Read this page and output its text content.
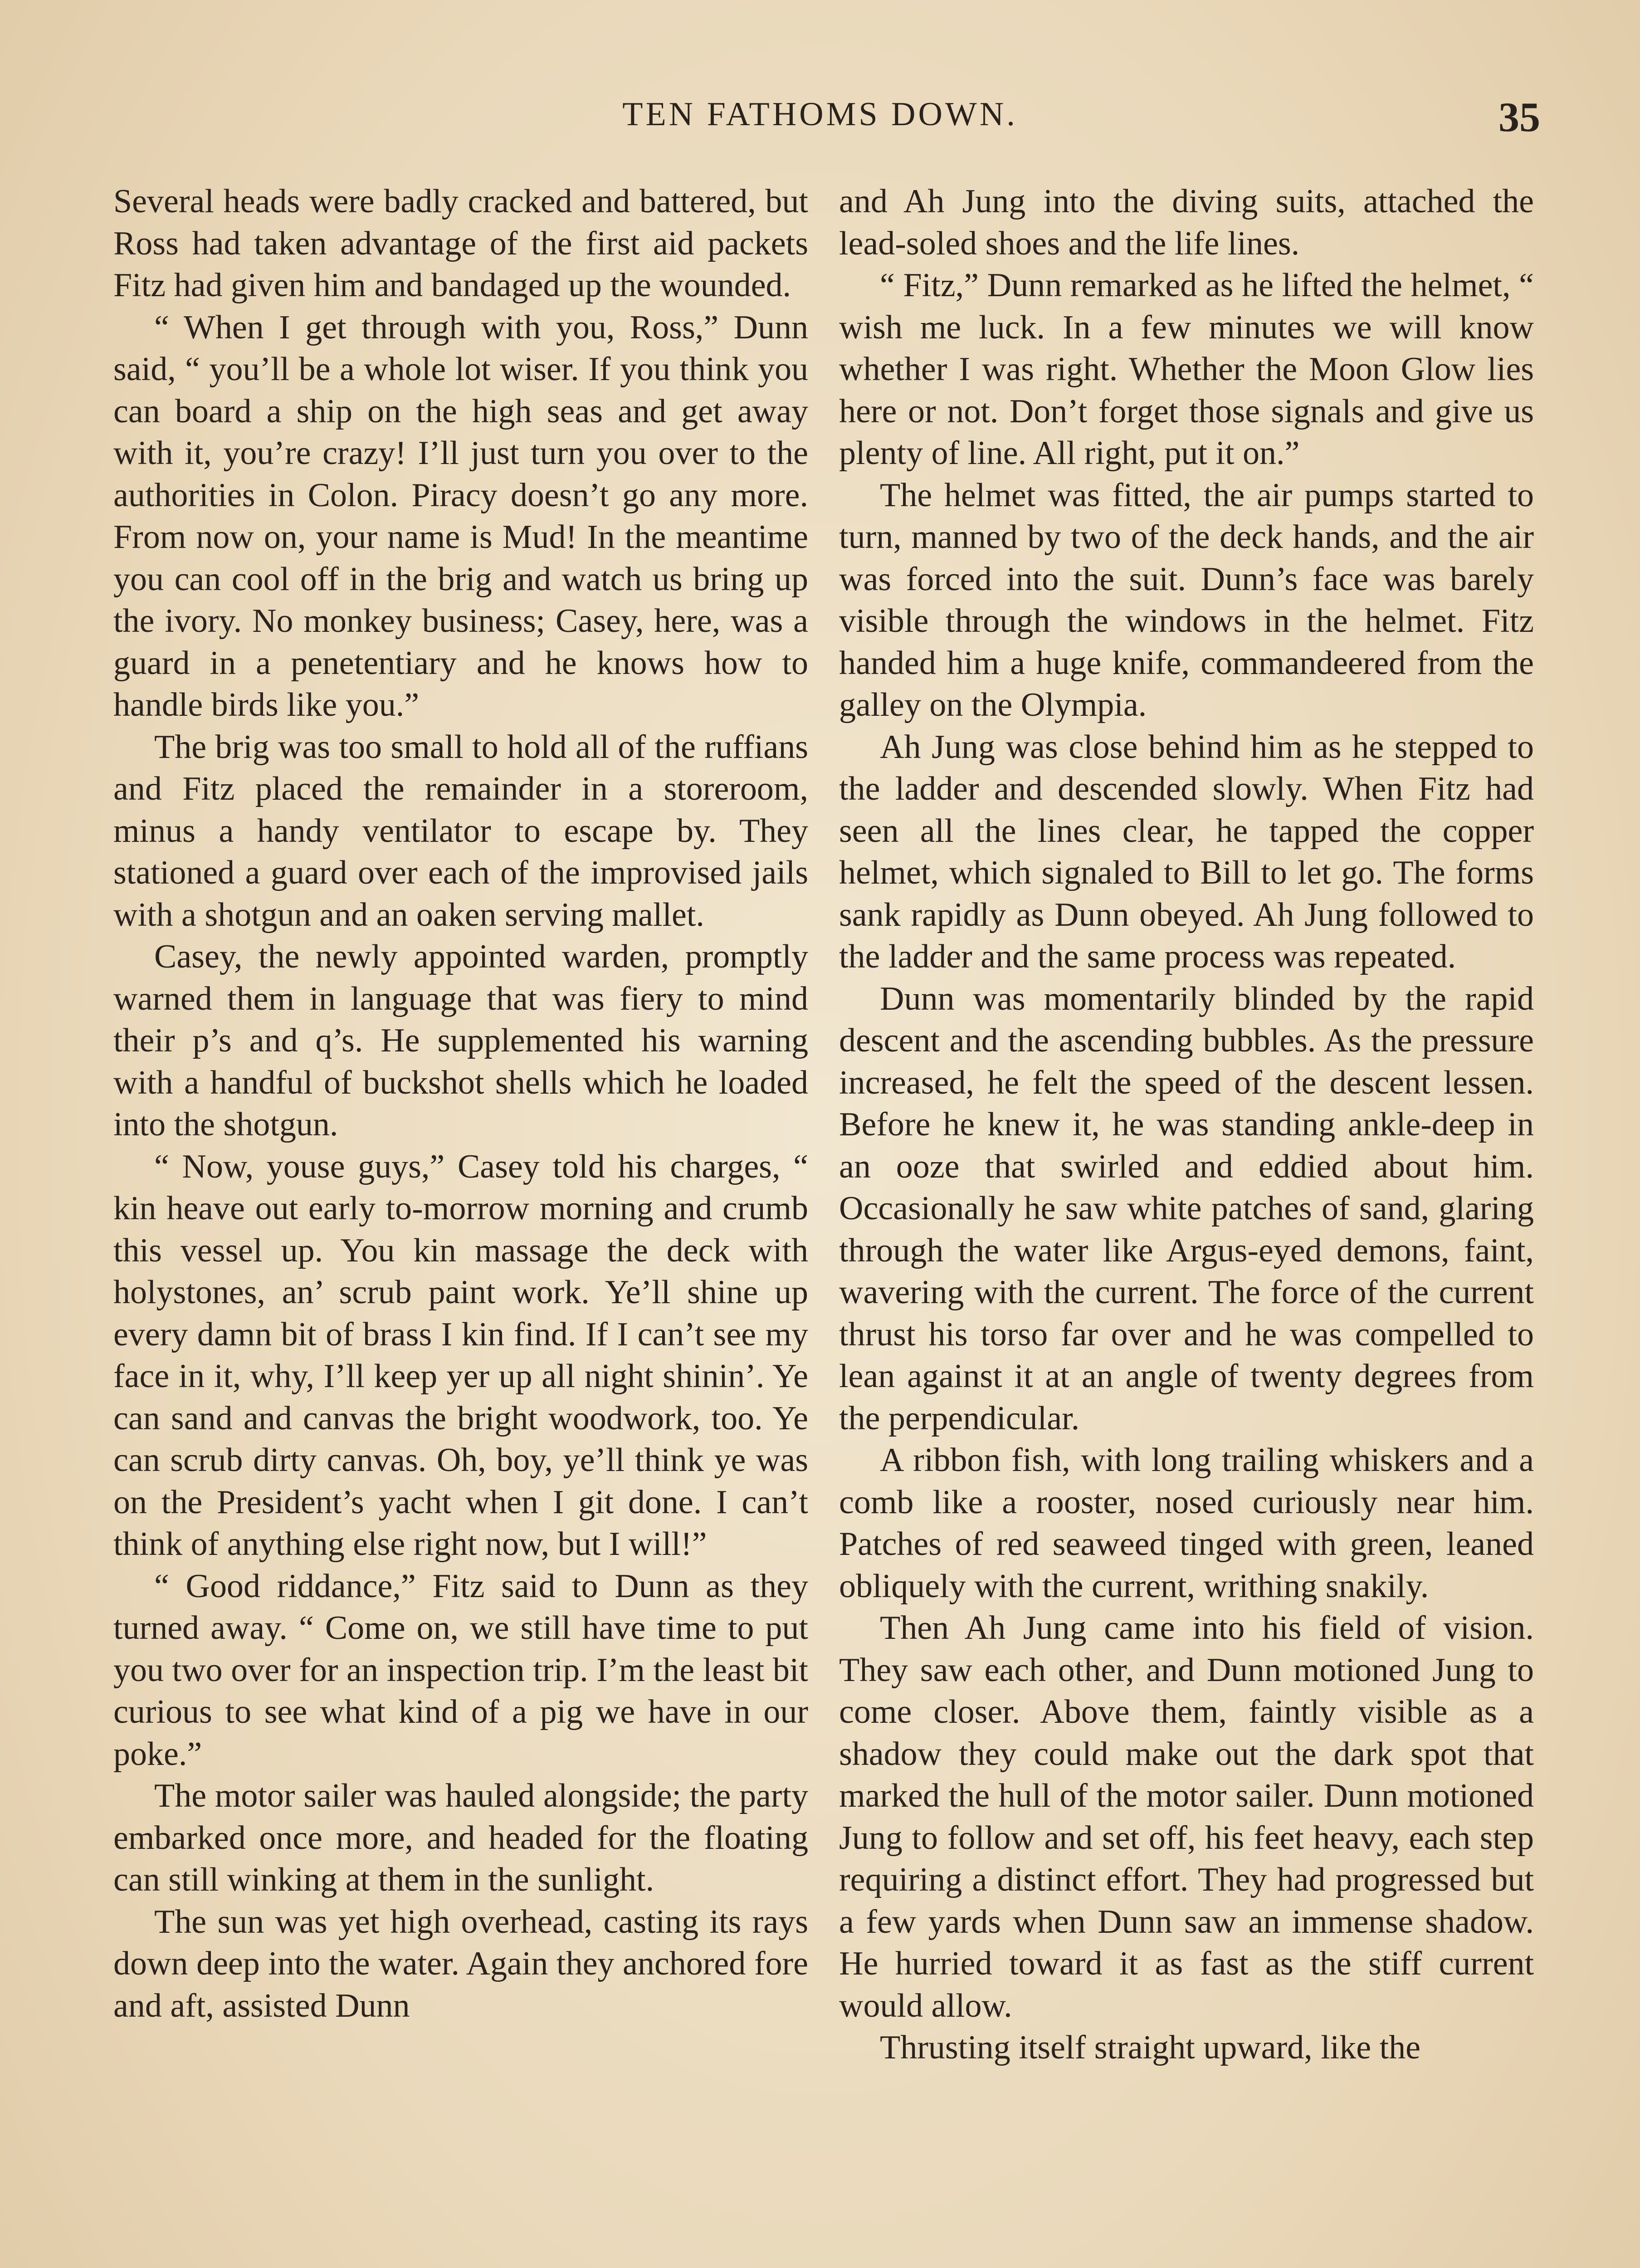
TEN FATHOMS DOWN.	35

Several heads were badly cracked and battered, but Ross had taken advantage of the first aid packets Fitz had given him and bandaged up the wounded.

“ When I get through with you, Ross,” Dunn said, “ you’ll be a whole lot wiser. If you think you can board a ship on the high seas and get away with it, you’re crazy! I’ll just turn you over to the authorities in Colon. Piracy doesn’t go any more. From now on, your name is Mud! In the meantime you can cool off in the brig and watch us bring up the ivory. No monkey business; Casey, here, was a guard in a penetentiary and he knows how to handle birds like you.”

The brig was too small to hold all of the ruffians and Fitz placed the remainder in a storeroom, minus a handy ventilator to escape by. They stationed a guard over each of the improvised jails with a shotgun and an oaken serving mallet.

Casey, the newly appointed warden, promptly warned them in language that was fiery to mind their p’s and q’s. He supplemented his warning with a handful of buckshot shells which he loaded into the shotgun.

“ Now, youse guys,” Casey told his charges, “ kin heave out early to-morrow morning and crumb this vessel up. You kin massage the deck with holystones, an’ scrub paint work. Ye’ll shine up every damn bit of brass I kin find. If I can’t see my face in it, why, I’ll keep yer up all night shinin’. Ye can sand and canvas the bright woodwork, too. Ye can scrub dirty canvas. Oh, boy, ye’ll think ye was on the President’s yacht when I git done. I can’t think of anything else right now, but I will!”

“ Good riddance,” Fitz said to Dunn as they turned away. “ Come on, we still have time to put you two over for an inspection trip. I’m the least bit curious to see what kind of a pig we have in our poke.”

The motor sailer was hauled alongside; the party embarked once more, and headed for the floating can still winking at them in the sunlight.

The sun was yet high overhead, casting its rays down deep into the water. Again they anchored fore and aft, assisted Dunn

and Ah Jung into the diving suits, attached the lead-soled shoes and the life lines.

“ Fitz,” Dunn remarked as he lifted the helmet, “ wish me luck. In a few minutes we will know whether I was right. Whether the Moon Glow lies here or not. Don’t forget those signals and give us plenty of line. All right, put it on.”

The helmet was fitted, the air pumps started to turn, manned by two of the deck hands, and the air was forced into the suit. Dunn’s face was barely visible through the windows in the helmet. Fitz handed him a huge knife, commandeered from the galley on the Olympia.

Ah Jung was close behind him as he stepped to the ladder and descended slowly. When Fitz had seen all the lines clear, he tapped the copper helmet, which signaled to Bill to let go. The forms sank rapidly as Dunn obeyed. Ah Jung followed to the ladder and the same process was repeated.

Dunn was momentarily blinded by the rapid descent and the ascending bubbles. As the pressure increased, he felt the speed of the descent lessen. Before he knew it, he was standing ankle-deep in an ooze that swirled and eddied about him. Occasionally he saw white patches of sand, glaring through the water like Argus-eyed demons, faint, wavering with the current. The force of the current thrust his torso far over and he was compelled to lean against it at an angle of twenty degrees from the perpendicular.

A ribbon fish, with long trailing whiskers and a comb like a rooster, nosed curiously near him. Patches of red seaweed tinged with green, leaned obliquely with the current, writhing snakily.

Then Ah Jung came into his field of vision. They saw each other, and Dunn motioned Jung to come closer. Above them, faintly visible as a shadow they could make out the dark spot that marked the hull of the motor sailer. Dunn motioned Jung to follow and set off, his feet heavy, each step requiring a distinct effort. They had progressed but a few yards when Dunn saw an immense shadow. He hurried toward it as fast as the stiff current would allow.

Thrusting itself straight upward, like the
